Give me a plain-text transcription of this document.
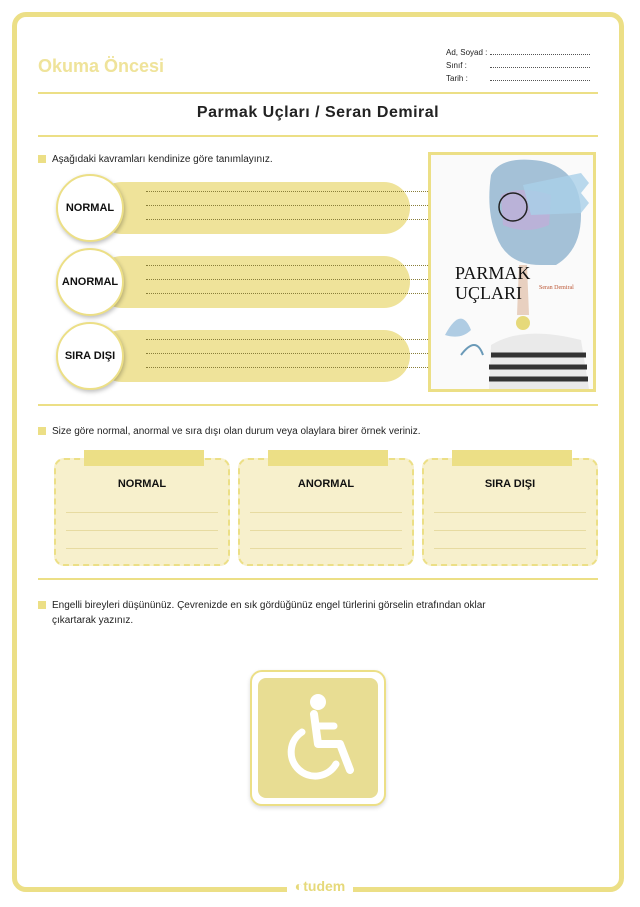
Okuma Öncesi
Ad, Soyad :
Sınıf :
Tarih :
Parmak Uçları / Seran Demiral
Aşağıdaki kavramları kendinize göre tanımlayınız.
NORMAL
ANORMAL
SIRA DIŞI
PARMAK
UÇLARI	Seran Demiral
Size göre normal, anormal ve sıra dışı olan durum veya olaylara birer örnek veriniz.
NORMAL	ANORMAL	SIRA DIŞI
Engelli bireyleri düşününüz. Çevrenizde en sık gördüğünüz engel türlerini görselin etrafından oklar
çıkartarak yazınız.
◐tudem
